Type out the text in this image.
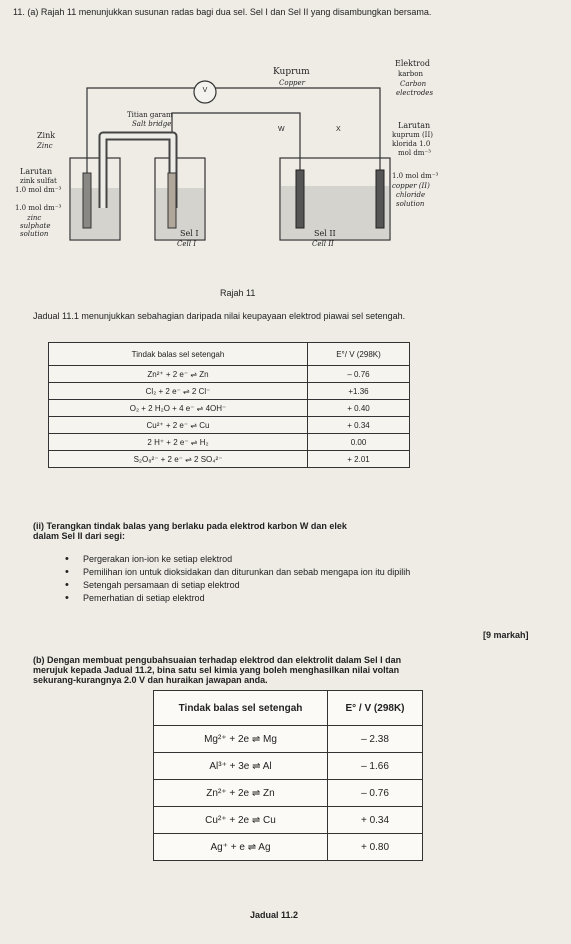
11. (a) Rajah 11 menunjukkan susunan radas bagi dua sel. Sel I dan Sel II yang disambungkan bersama.
Kuprum
Copper
V
Titian garam
Salt bridge
W	X
Zink
Zinc
Larutan
zink sulfat
1.0 mol dm⁻³
1.0 mol dm⁻³
zinc
sulphate
solution
Elektrod
karbon
Carbon
electrodes
Larutan
kuprum (II)
klorida 1.0
mol dm⁻³
1.0 mol dm⁻³
copper (II)
chloride
solution
Sel I
Cell I
Sel II
Cell II
Rajah 11
Jadual 11.1 menunjukkan sebahagian daripada nilai keupayaan elektrod piawai sel setengah.
Tindak balas sel setengah	E°/ V (298K)
Zn²⁺ + 2 e⁻ ⇌ Zn	– 0.76
Cl₂ + 2 e⁻ ⇌ 2 Cl⁻	+1.36
O₂ + 2 H₂O + 4 e⁻ ⇌ 4OH⁻	+ 0.40
Cu²⁺ + 2 e⁻ ⇌ Cu	+ 0.34
2 H⁺ + 2 e⁻ ⇌ H₂	0.00
S₂O₈²⁻ + 2 e⁻ ⇌ 2 SO₄²⁻	+ 2.01
(ii) Terangkan tindak balas yang berlaku pada elektrod karbon W dan elek
dalam Sel II dari segi:
• Pergerakan ion-ion ke setiap elektrod
• Pemilihan ion untuk dioksidakan dan diturunkan dan sebab mengapa ion itu dipilih
• Setengah persamaan di setiap elektrod
• Pemerhatian di setiap elektrod
[9 markah]
(b) Dengan membuat pengubahsuaian terhadap elektrod dan elektrolit dalam Sel I dan
merujuk kepada Jadual 11.2, bina satu sel kimia yang boleh menghasilkan nilai voltan
sekurang-kurangnya 2.0 V dan huraikan jawapan anda.
Tindak balas sel setengah	E° / V (298K)
Mg²⁺ + 2e ⇌ Mg	– 2.38
Al³⁺ + 3e ⇌ Al	– 1.66
Zn²⁺ + 2e ⇌ Zn	– 0.76
Cu²⁺ + 2e ⇌ Cu	+ 0.34
Ag⁺ + e ⇌ Ag	+ 0.80
Jadual 11.2
